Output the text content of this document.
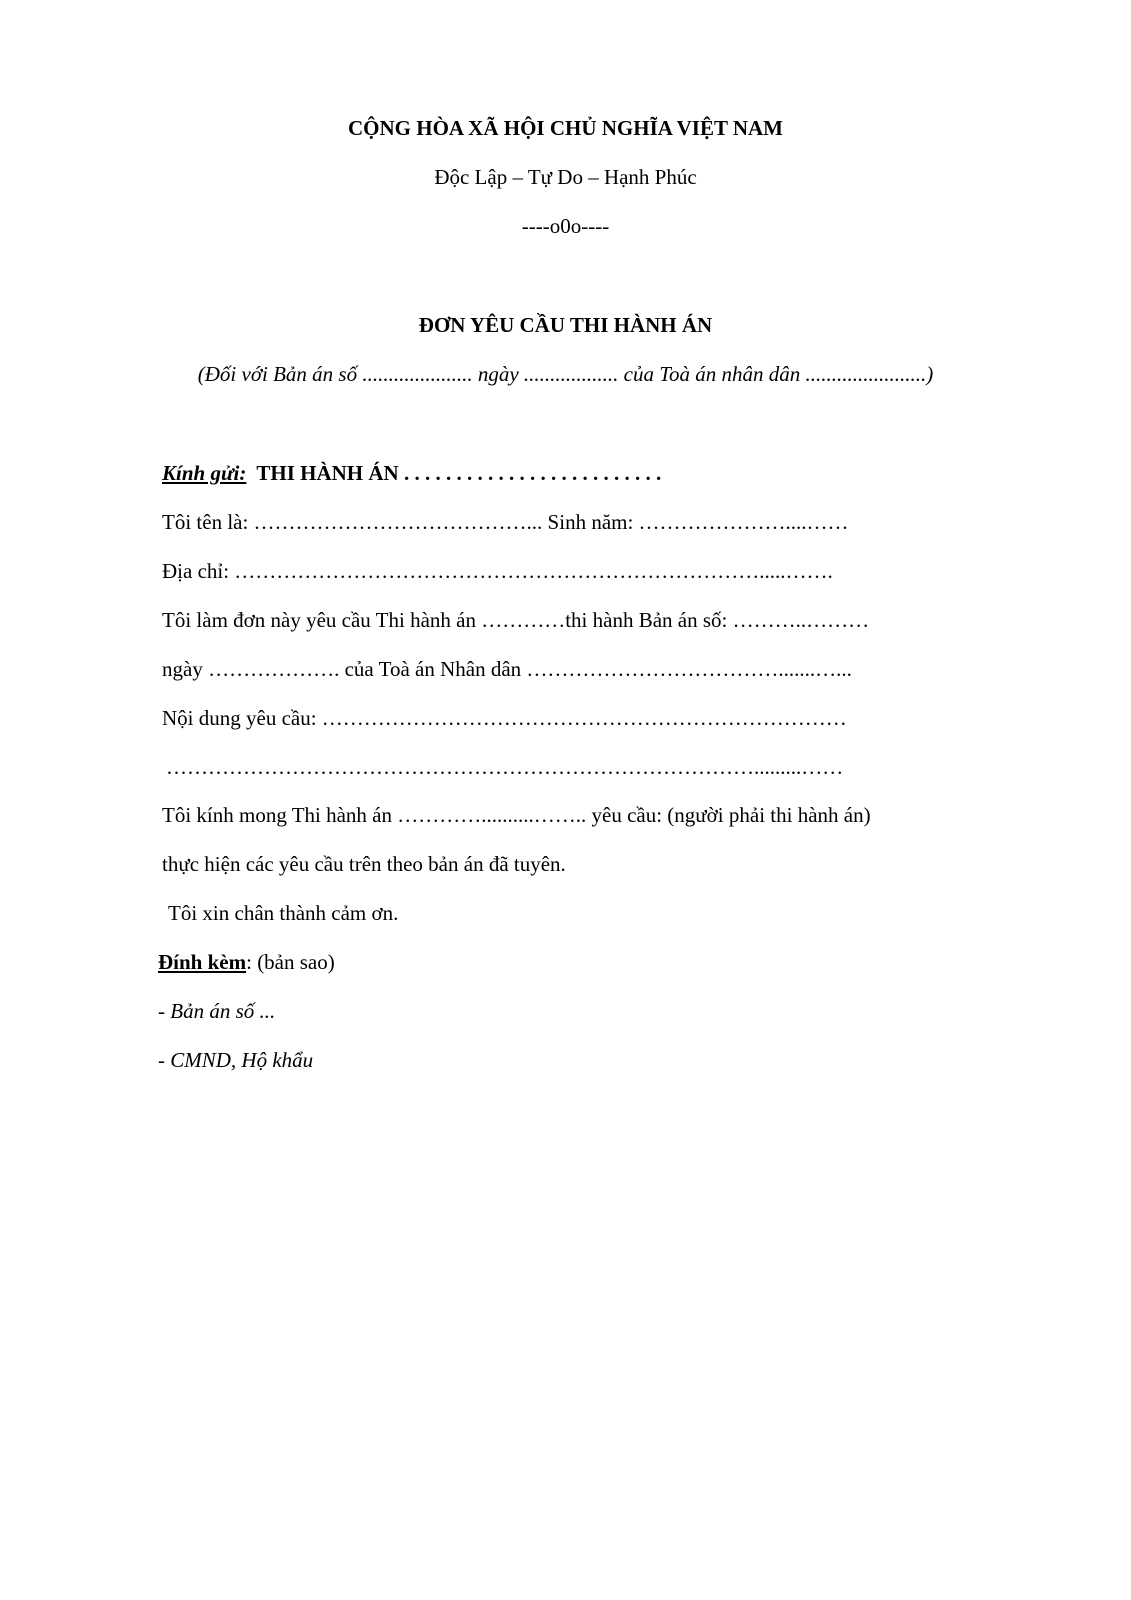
CỘNG HÒA XÃ HỘI CHỦ NGHĨA VIỆT NAM
Độc Lập – Tự Do – Hạnh Phúc
----o0o----
ĐƠN YÊU CẦU THI HÀNH ÁN
(Đối với Bản án số ..................... ngày .................. của Toà án nhân dân .......................)
Kính gửi: THI HÀNH ÁN . . . . . . . . . . . . . . . . . . . . . . . . .
Tôi tên là: …………………………………... Sinh năm: …………………....……
Địa chỉ: ………………………………………………………………….....…….
Tôi làm đơn này yêu cầu Thi hành án …………thi hành Bản án số: ………..………
ngày ………………. của Toà án Nhân dân ……………………………….......…...
Nội dung yêu cầu: …………………………………………………………………
………………………………………………………………………….........……
Tôi kính mong Thi hành án …………..........…….. yêu cầu: (người phải thi hành án)
thực hiện các yêu cầu trên theo bản án đã tuyên.
Tôi xin chân thành cảm ơn.
Đính kèm: (bản sao)
- Bản án số ...
- CMND, Hộ khẩu
